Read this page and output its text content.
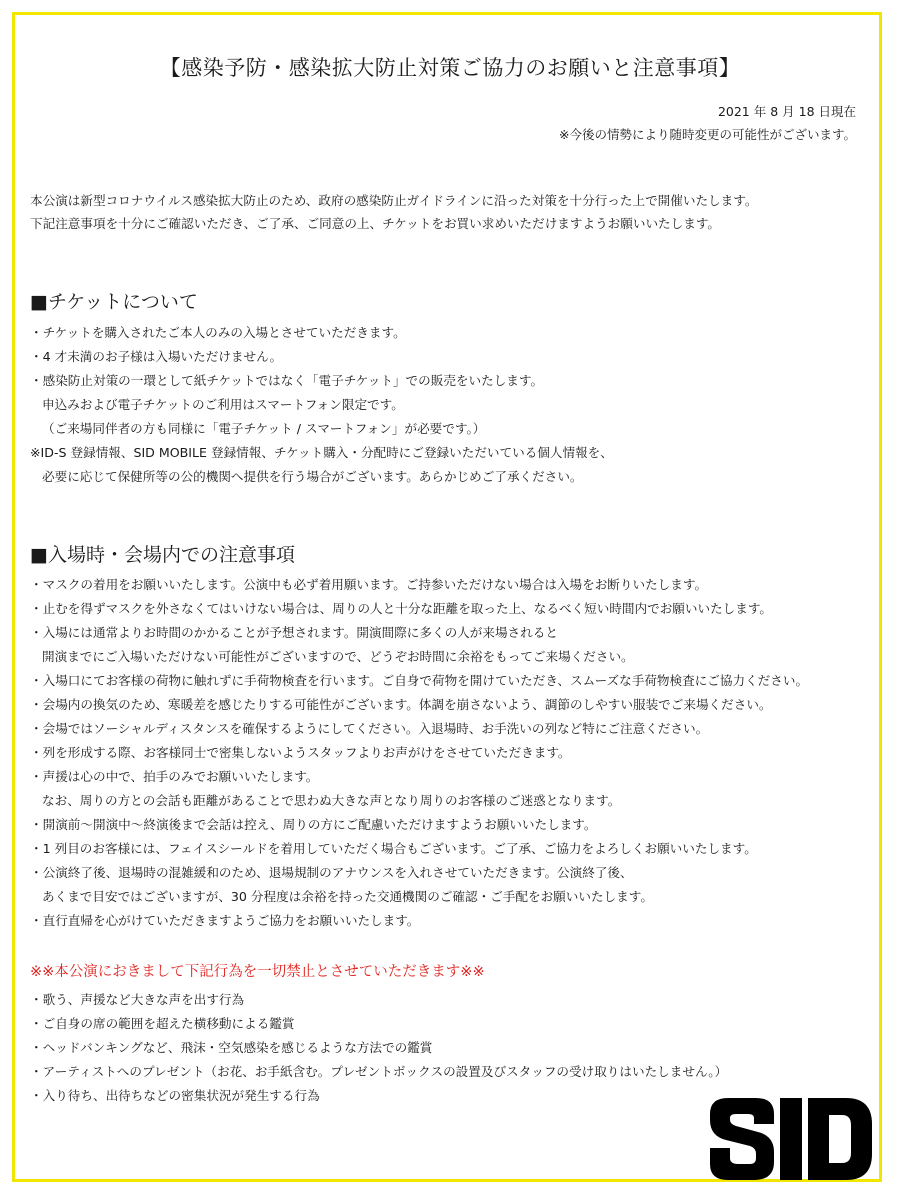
【感染予防・感染拡大防止対策ご協力のお願いと注意事項】
2021 年 8 月 18 日現在
※今後の情勢により随時変更の可能性がございます。
本公演は新型コロナウイルス感染拡大防止のため、政府の感染防止ガイドラインに沿った対策を十分行った上で開催いたします。
下記注意事項を十分にご確認いただき、ご了承、ご同意の上、チケットをお買い求めいただけますようお願いいたします。
■チケットについて
・チケットを購入されたご本人のみの入場とさせていただきます。
・4 才未満のお子様は入場いただけません。
・感染防止対策の一環として紙チケットではなく「電子チケット」での販売をいたします。
申込みおよび電子チケットのご利用はスマートフォン限定です。
（ご来場同伴者の方も同様に「電子チケット / スマートフォン」が必要です。）
※ID-S 登録情報、SID MOBILE 登録情報、チケット購入・分配時にご登録いただいている個人情報を、
必要に応じて保健所等の公的機関へ提供を行う場合がございます。あらかじめご了承ください。
■入場時・会場内での注意事項
・マスクの着用をお願いいたします。公演中も必ず着用願います。ご持参いただけない場合は入場をお断りいたします。
・止むを得ずマスクを外さなくてはいけない場合は、周りの人と十分な距離を取った上、なるべく短い時間内でお願いいたします。
・入場には通常よりお時間のかかることが予想されます。開演間際に多くの人が来場されると
開演までにご入場いただけない可能性がございますので、どうぞお時間に余裕をもってご来場ください。
・入場口にてお客様の荷物に触れずに手荷物検査を行います。ご自身で荷物を開けていただき、スムーズな手荷物検査にご協力ください。
・会場内の換気のため、寒暖差を感じたりする可能性がございます。体調を崩さないよう、調節のしやすい服装でご来場ください。
・会場ではソーシャルディスタンスを確保するようにしてください。入退場時、お手洗いの列など特にご注意ください。
・列を形成する際、お客様同士で密集しないようスタッフよりお声がけをさせていただきます。
・声援は心の中で、拍手のみでお願いいたします。
なお、周りの方との会話も距離があることで思わぬ大きな声となり周りのお客様のご迷惑となります。
・開演前〜開演中〜終演後まで会話は控え、周りの方にご配慮いただけますようお願いいたします。
・1 列目のお客様には、フェイスシールドを着用していただく場合もございます。ご了承、ご協力をよろしくお願いいたします。
・公演終了後、退場時の混雑緩和のため、退場規制のアナウンスを入れさせていただきます。公演終了後、
あくまで目安ではございますが、30 分程度は余裕を持った交通機関のご確認・ご手配をお願いいたします。
・直行直帰を心がけていただきますようご協力をお願いいたします。
※※本公演におきまして下記行為を一切禁止とさせていただきます※※
・歌う、声援など大きな声を出す行為
・ご自身の席の範囲を超えた横移動による鑑賞
・ヘッドバンキングなど、飛沫・空気感染を感じるような方法での鑑賞
・アーティストへのプレゼント（お花、お手紙含む。プレゼントボックスの設置及びスタッフの受け取りはいたしません。）
・入り待ち、出待ちなどの密集状況が発生する行為
